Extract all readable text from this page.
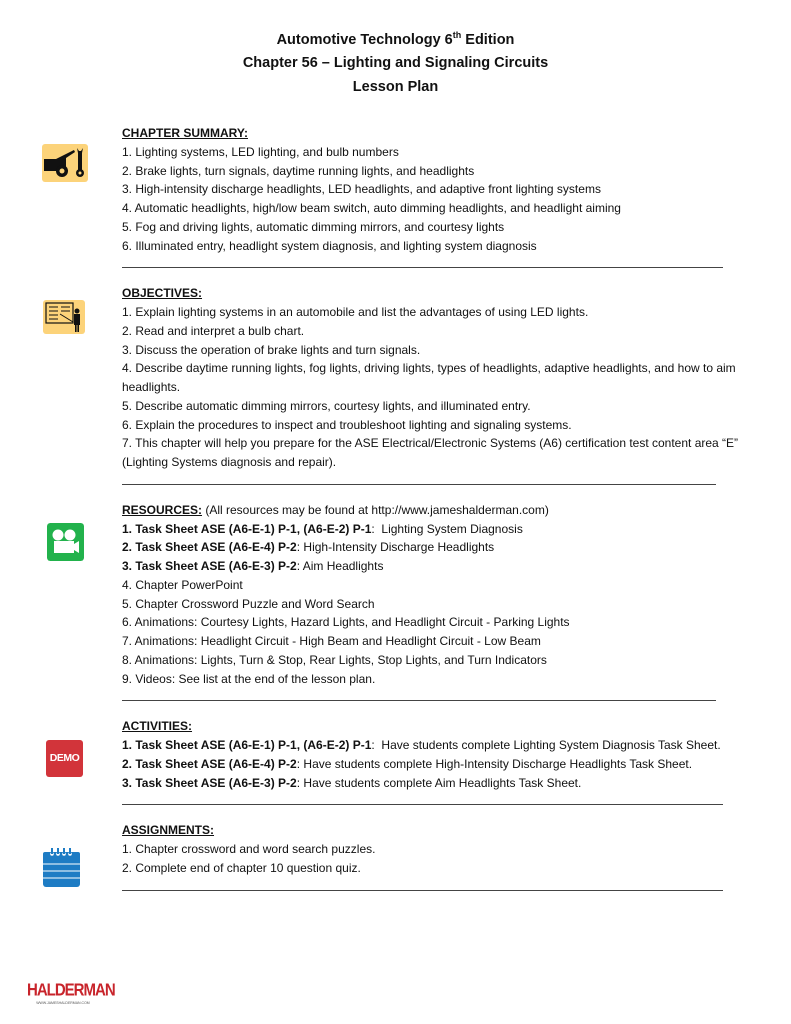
Automotive Technology 6th Edition
Chapter 56 – Lighting and Signaling Circuits
Lesson Plan
DEMO
CHAPTER SUMMARY:
1. Lighting systems, LED lighting, and bulb numbers
2. Brake lights, turn signals, daytime running lights, and headlights
3. High-intensity discharge headlights, LED headlights, and adaptive front lighting systems
4. Automatic headlights, high/low beam switch, auto dimming headlights, and headlight aiming
5. Fog and driving lights, automatic dimming mirrors, and courtesy lights
6. Illuminated entry, headlight system diagnosis, and lighting system diagnosis
OBJECTIVES:
1. Explain lighting systems in an automobile and list the advantages of using LED lights.
2. Read and interpret a bulb chart.
3. Discuss the operation of brake lights and turn signals.
4. Describe daytime running lights, fog lights, driving lights, types of headlights, adaptive headlights, and how to aim headlights.
5. Describe automatic dimming mirrors, courtesy lights, and illuminated entry.
6. Explain the procedures to inspect and troubleshoot lighting and signaling systems.
7. This chapter will help you prepare for the ASE Electrical/Electronic Systems (A6) certification test content area “E” (Lighting Systems diagnosis and repair).
RESOURCES: (All resources may be found at http://www.jameshalderman.com)
1. Task Sheet ASE (A6-E-1) P-1, (A6-E-2) P-1:  Lighting System Diagnosis
2. Task Sheet ASE (A6-E-4) P-2: High-Intensity Discharge Headlights
3. Task Sheet ASE (A6-E-3) P-2: Aim Headlights
4. Chapter PowerPoint
5. Chapter Crossword Puzzle and Word Search
6. Animations: Courtesy Lights, Hazard Lights, and Headlight Circuit - Parking Lights
7. Animations: Headlight Circuit - High Beam and Headlight Circuit - Low Beam
8. Animations: Lights, Turn & Stop, Rear Lights, Stop Lights, and Turn Indicators
9. Videos: See list at the end of the lesson plan.
ACTIVITIES:
1. Task Sheet ASE (A6-E-1) P-1, (A6-E-2) P-1:  Have students complete Lighting System Diagnosis Task Sheet.
2. Task Sheet ASE (A6-E-4) P-2: Have students complete High-Intensity Discharge Headlights Task Sheet.
3. Task Sheet ASE (A6-E-3) P-2: Have students complete Aim Headlights Task Sheet.
ASSIGNMENTS:
1. Chapter crossword and word search puzzles.
2. Complete end of chapter 10 question quiz.
HALDERMAN
WWW.JAMESHALDERMAN.COM
